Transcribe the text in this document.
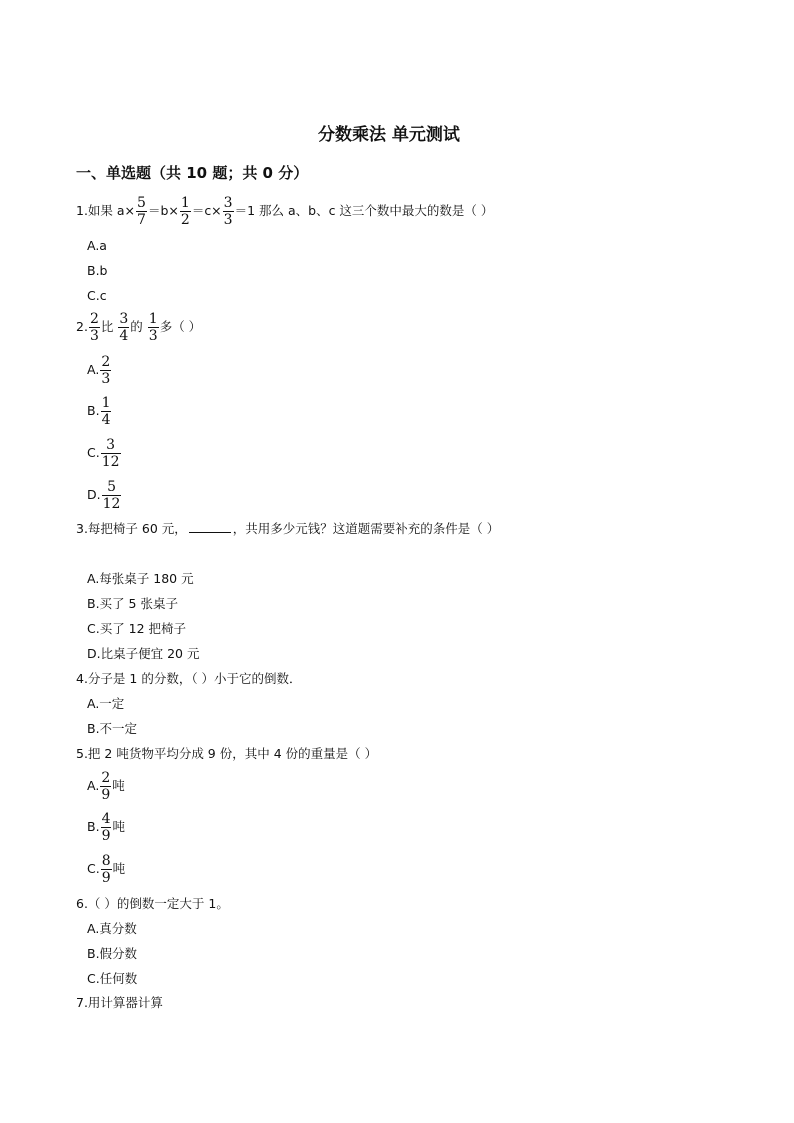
分数乘法 单元测试
一、单选题（共 10 题；共 0 分）
1.如果 $a\times \frac{5}{7} =b\times \frac{1}{2} =c\times \frac{3}{3} =1$ 那么 a、b、c 这三个数中最大的数是（ ）
A.a
B.b
C.c
2. $\frac{2}{3}$ 比 $\frac{3}{4}$ 的 $\frac{1}{3}$ 多（ ）
A. $\frac{2}{3}$
B. $\frac{1}{4}$
C. $\frac{3}{12}$
D. $\frac{5}{12}$
3.每把椅子 60 元，	，共用多少元钱？这道题需要补充的条件是（ ）
A.每张桌子 180 元
B.买了 5 张桌子
C.买了 12 把椅子
D.比桌子便宜 20 元
4.分子是 1 的分数，（ ）小于它的倒数．
A.一定
B.不一定
5.把 2 吨货物平均分成 9 份，其中 4 份的重量是（ ）
A. $\frac{2}{9}$ 吨
B. $\frac{4}{9}$ 吨
C. $\frac{8}{9}$ 吨
6.（ ）的倒数一定大于 1。
A.真分数
B.假分数
C.任何数
7.用计算器计算
